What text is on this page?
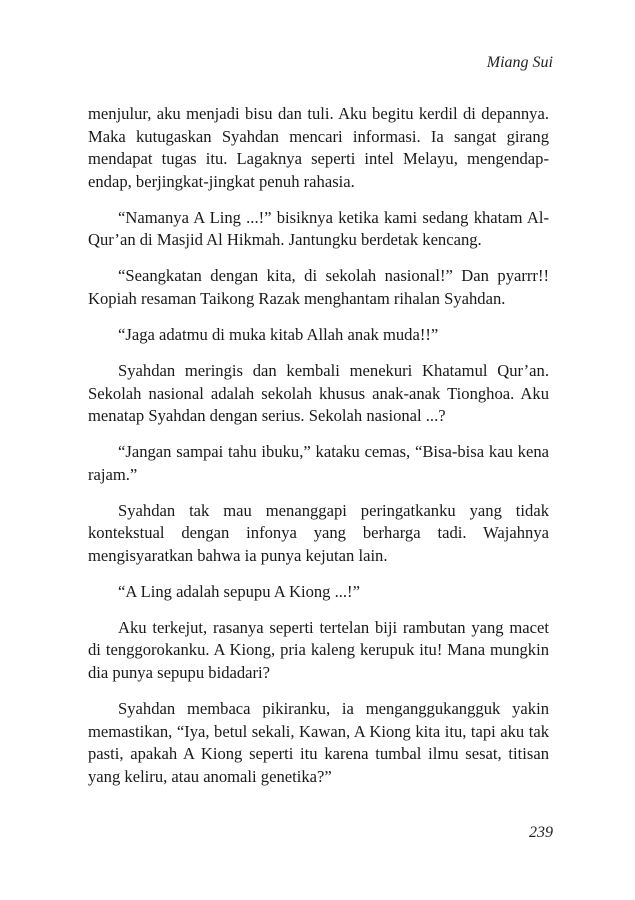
Miang Sui

menjulur, aku menjadi bisu dan tuli. Aku begitu kerdil di depannya. Maka kutugaskan Syahdan mencari informasi. Ia sangat girang mendapat tugas itu. Lagaknya seperti intel Melayu, mengendap-endap, berjingkat-jingkat penuh rahasia.

“Namanya A Ling ...!” bisiknya ketika kami sedang khatam Al-Qur’an di Masjid Al Hikmah. Jantungku berdetak kencang.

“Seangkatan dengan kita, di sekolah nasional!” Dan pyarrr!! Kopiah resaman Taikong Razak menghantam rihalan Syahdan.

“Jaga adatmu di muka kitab Allah anak muda!!”

Syahdan meringis dan kembali menekuri Khatamul Qur’an. Sekolah nasional adalah sekolah khusus anak-anak Tionghoa. Aku menatap Syahdan dengan serius. Sekolah nasional ...?

“Jangan sampai tahu ibuku,” kataku cemas, “Bisa-bisa kau kena rajam.”

Syahdan tak mau menanggapi peringatkanku yang tidak kontekstual dengan infonya yang berharga tadi. Wajahnya mengisyaratkan bahwa ia punya kejutan lain.

“A Ling adalah sepupu A Kiong ...!”

Aku terkejut, rasanya seperti tertelan biji rambutan yang macet di tenggorokanku. A Kiong, pria kaleng kerupuk itu! Mana mungkin dia punya sepupu bidadari?

Syahdan membaca pikiranku, ia menganggukangguk yakin memastikan, “Iya, betul sekali, Kawan, A Kiong kita itu, tapi aku tak pasti, apakah A Kiong seperti itu karena tumbal ilmu sesat, titisan yang keliru, atau anomali genetika?”

239
